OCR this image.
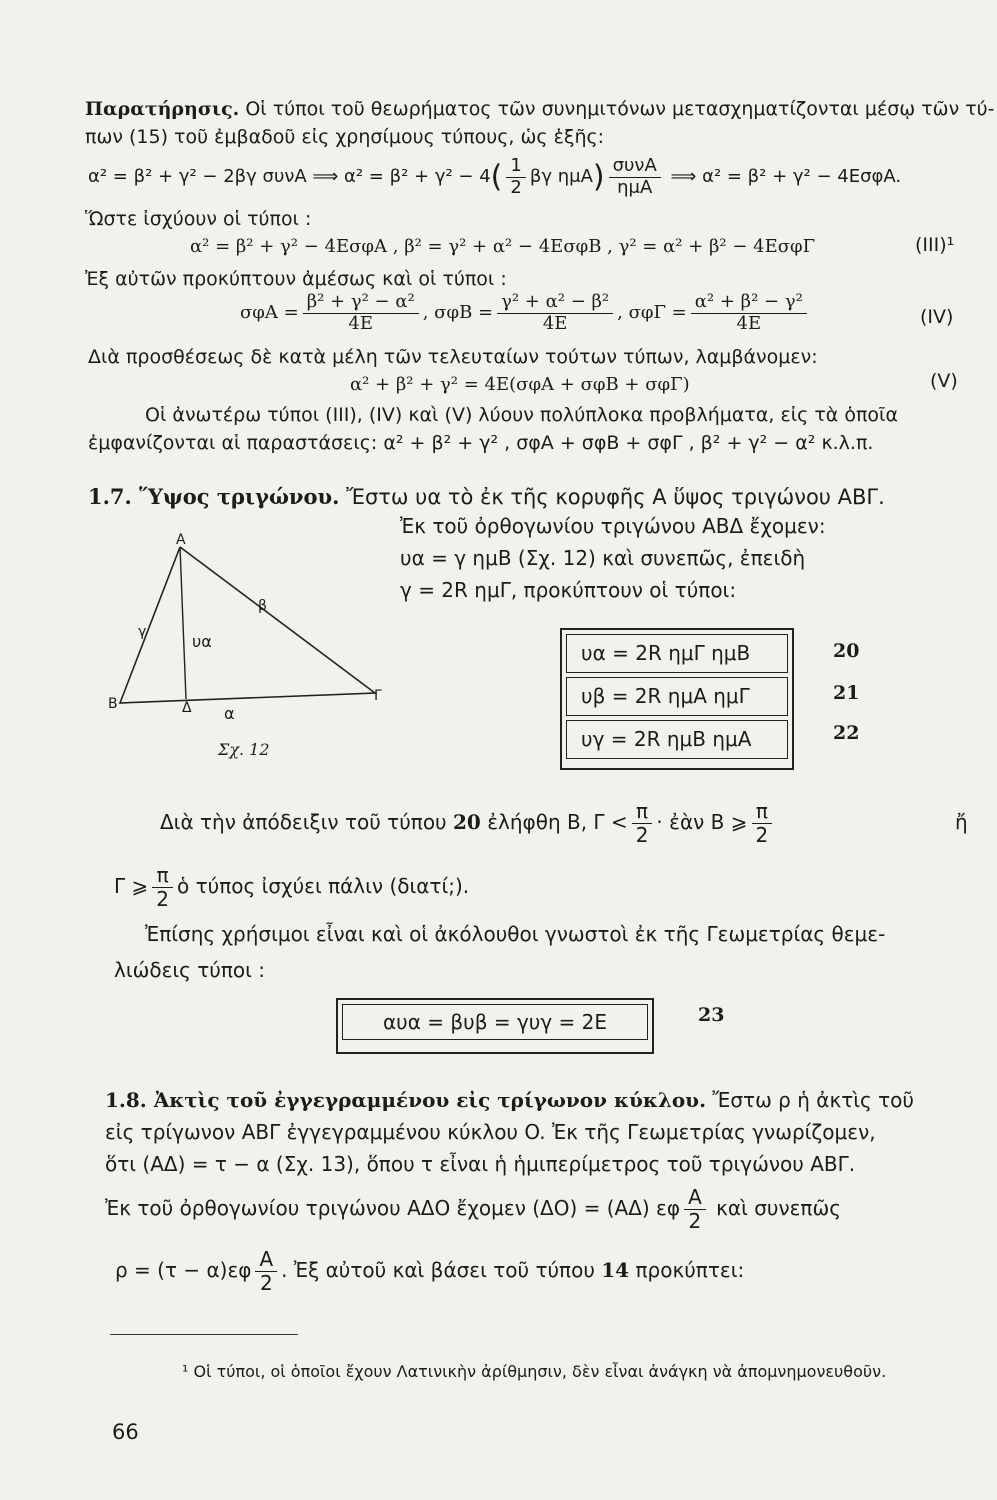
Παρατήρησις. Οἱ τύποι τοῦ θεωρήματος τῶν συνημιτόνων μετασχηματίζονται μέσῳ τῶν τύ-
πων (15) τοῦ ἐμβαδοῦ εἰς χρησίμους τύπους, ὡς ἑξῆς:
α² = β² + γ² − 2βγ συνA ⟹ $\alpha^2 = \beta^2 + \gamma^2 - 4( \frac{1}{2}$ βγ $\eta\mu A) \frac{\text{συνA}}{\text{ημA}}$ ⟹ α² = β² + γ² − 4EσφA.
Ὥστε ἰσχύουν οἱ τύποι :
α² = β² + γ² − 4EσφA , β² = γ² + α² − 4EσφB , γ² = α² + β² − 4EσφΓ	(III)¹
Ἐξ αὐτῶν προκύπτουν ἀμέσως καὶ οἱ τύποι :
$\sigma\varphi A = \frac{\text{β² + γ² − α²}}{4E}$ , $\sigma\varphi B = \frac{\text{γ² + α² − β²}}{4E}$ , $\sigma\varphi\Gamma = \frac{\text{α² + β² − γ²}}{4E}$	(IV)
Διὰ προσθέσεως δὲ κατὰ μέλη τῶν τελευταίων τούτων τύπων, λαμβάνομεν:
α² + β² + γ² = 4E(σφA + σφB + σφΓ)	(V)
Οἱ ἀνωτέρω τύποι (III), (IV) καὶ (V) λύουν πολύπλοκα προβλήματα, εἰς τὰ ὁποῖα
ἐμφανίζονται αἱ παραστάσεις: α² + β² + γ² , σφA + σφB + σφΓ , β² + γ² − α² κ.λ.π.
1.7. Ὕψος τριγώνου. Ἔστω υα τὸ ἐκ τῆς κορυφῆς A ὕψος τριγώνου ΑΒΓ.
Ἐκ τοῦ ὀρθογωνίου τριγώνου ΑΒΔ ἔχομεν:
υα = γ ημB (Σχ. 12) καὶ συνεπῶς, ἐπειδὴ
γ = 2R ημΓ, προκύπτουν οἱ τύποι:
A
B	Γ
Δ
β
γ
α
υα
Σχ. 12
υα = 2R ημΓ ημB
υβ = 2R ημA ημΓ
υγ = 2R ημB ημA
20
21
22
Διὰ τὴν ἀπόδειξιν τοῦ τύπου 20 ἐλήφθη B, $\Gamma < \frac{\pi}{2}$ · ἐὰν B ⩾ $\frac{\pi}{2}$	ἤ
Γ ⩾ $\frac{\pi}{2}$ ὁ τύπος ἰσχύει πάλιν (διατί;).
Ἐπίσης χρήσιμοι εἶναι καὶ οἱ ἀκόλουθοι γνωστοὶ ἐκ τῆς Γεωμετρίας θεμε-
λιώδεις τύποι :
αυα = βυβ = γυγ = 2E	23
1.8. Ἀκτὶς τοῦ ἐγγεγραμμένου εἰς τρίγωνον κύκλου. Ἔστω ρ ἡ ἀκτὶς τοῦ
εἰς τρίγωνον ΑΒΓ ἐγγεγραμμένου κύκλου O. Ἐκ τῆς Γεωμετρίας γνωρίζομεν,
ὅτι (ΑΔ) = τ − α (Σχ. 13), ὅπου τ εἶναι ἡ ἡμιπερίμετρος τοῦ τριγώνου ΑΒΓ.
Ἐκ τοῦ ὀρθογωνίου τριγώνου ΑΔΟ ἔχομεν (ΔΟ) = (ΑΔ) εφ $\frac{A}{2}$ καὶ συνεπῶς
$\rho = (\tau - \alpha)\varepsilon\varphi \frac{A}{2}$ . Ἐξ αὐτοῦ καὶ βάσει τοῦ τύπου 14 προκύπτει:
¹ Οἱ τύποι, οἱ ὁποῖοι ἔχουν Λατινικὴν ἀρίθμησιν, δὲν εἶναι ἀνάγκη νὰ ἀπομνημονευθοῦν.
66
